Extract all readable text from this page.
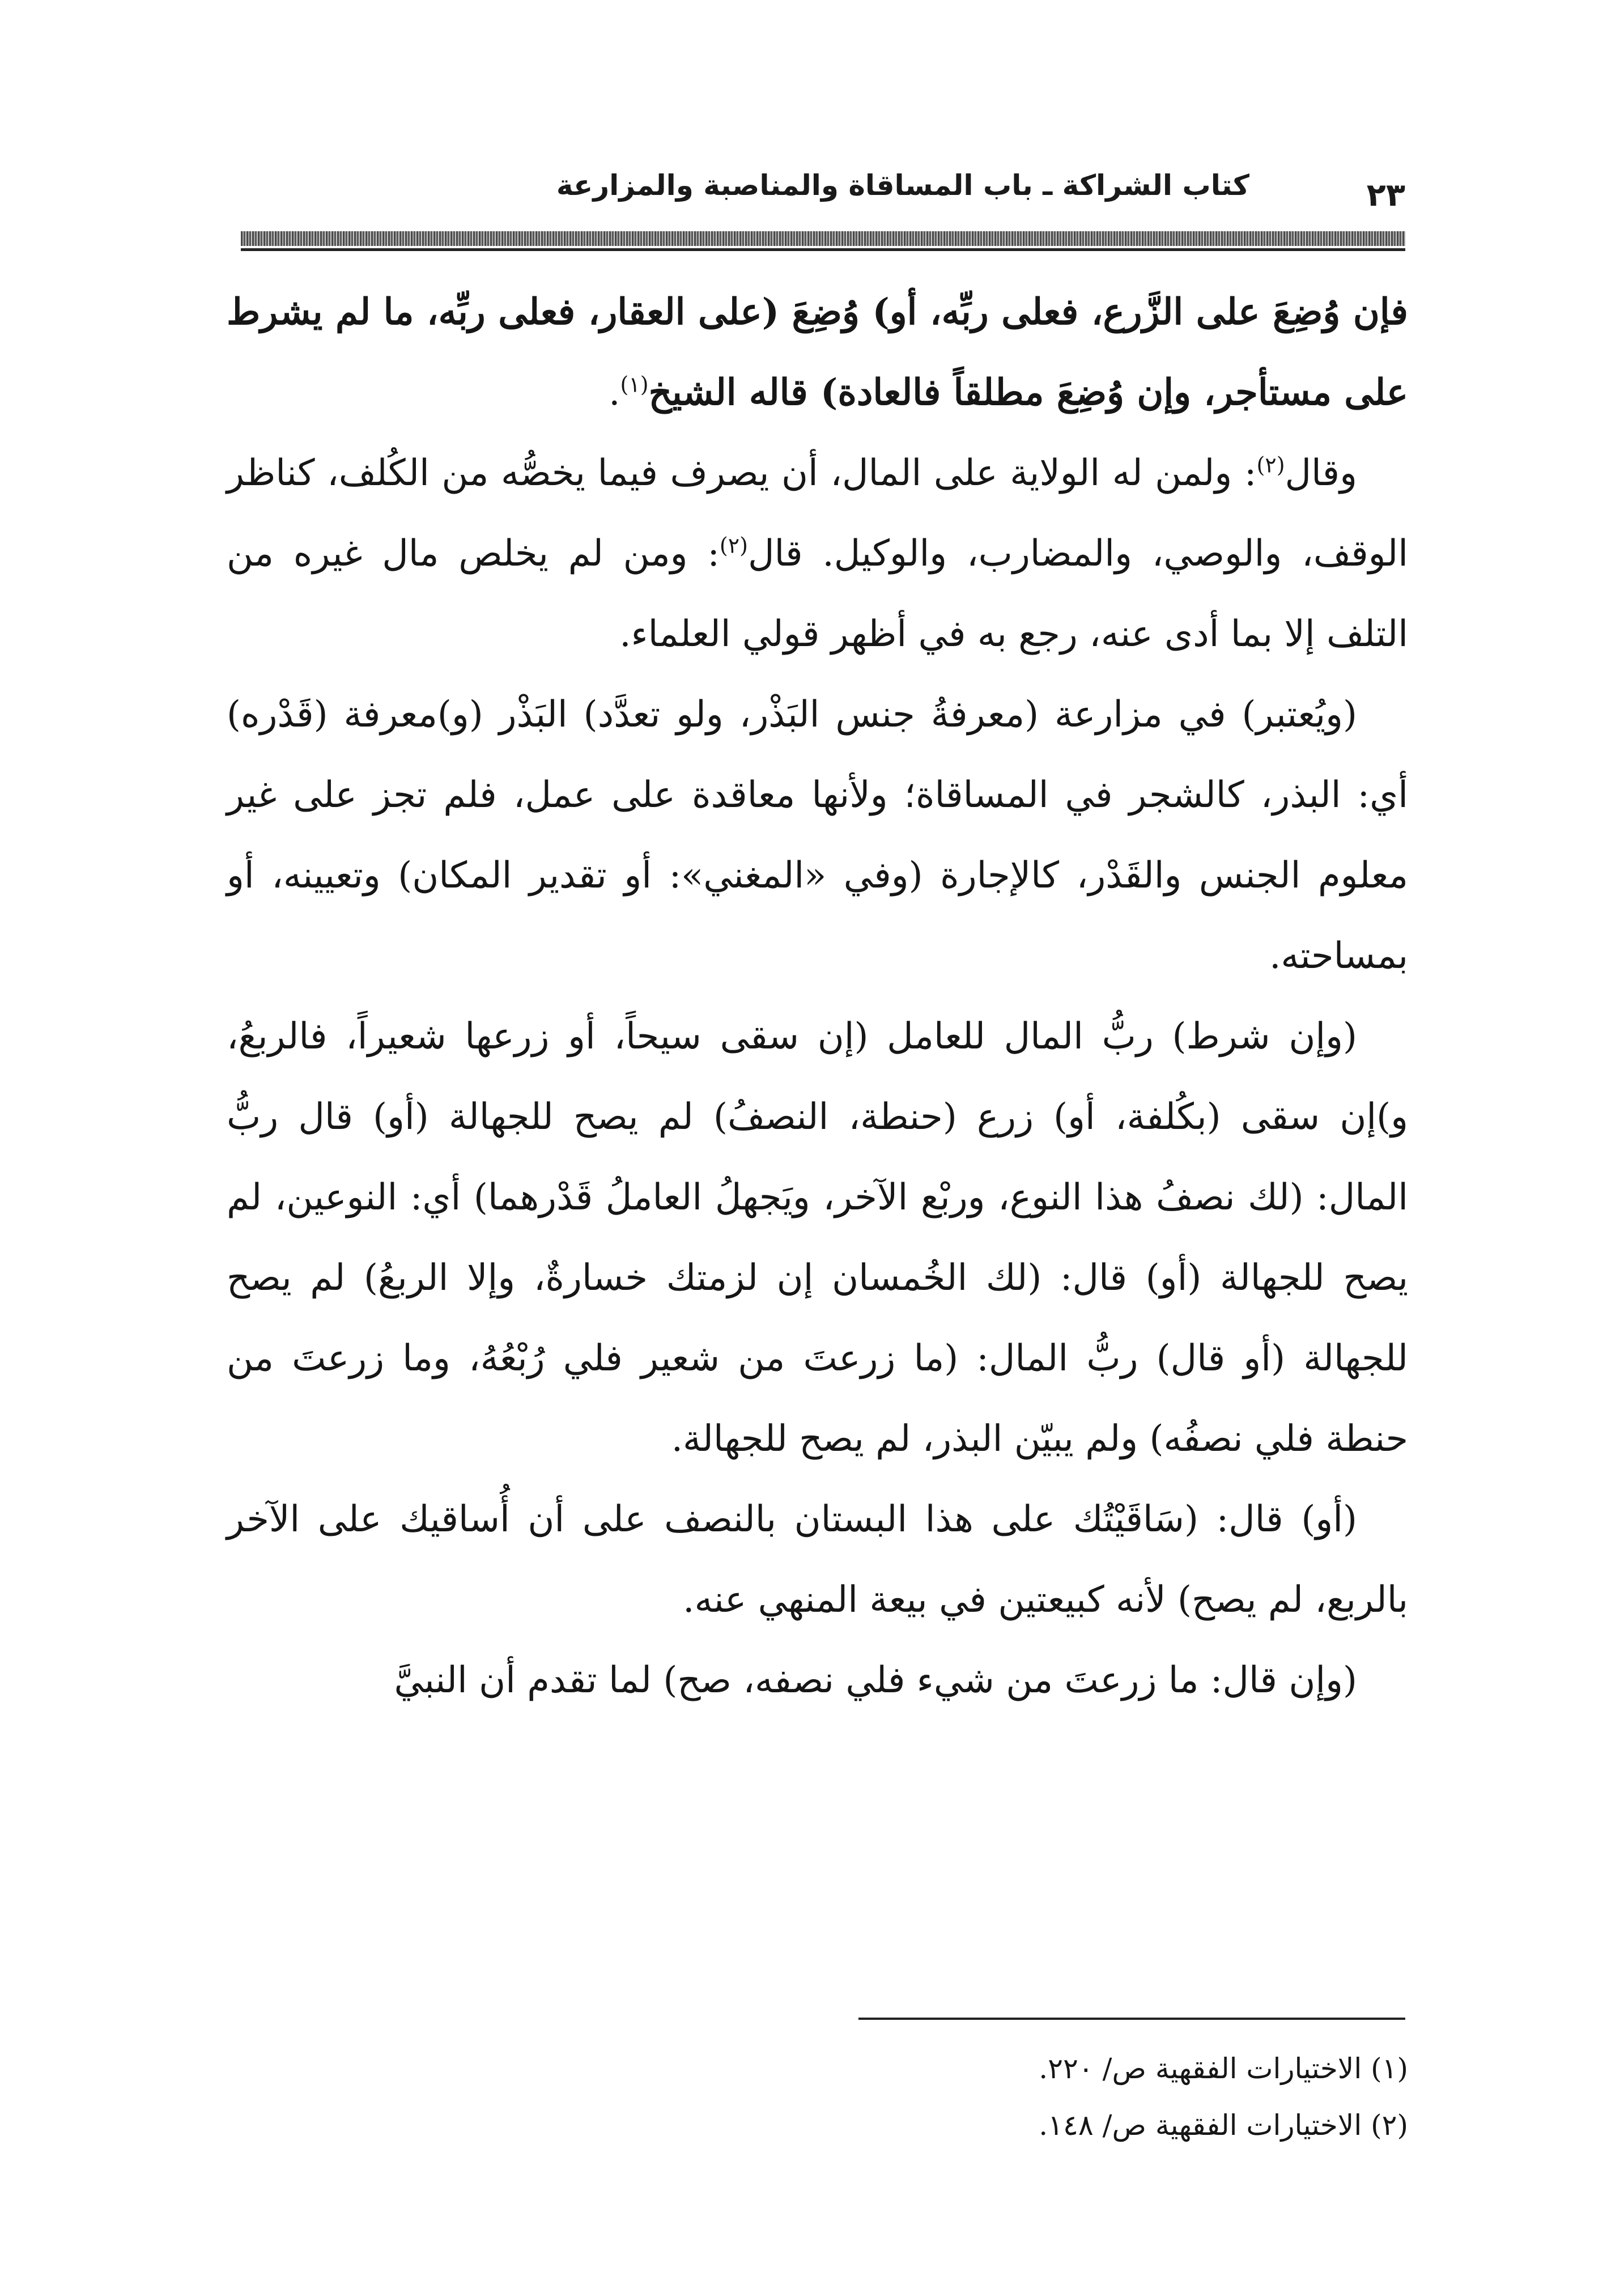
كتاب الشراكة ـ باب المساقاة والمناصبة والمزارعة	٢٣

فإن وُضِعَ على الزَّرع، فعلى ربِّه، أو) وُضِعَ (على العقار، فعلى ربِّه، ما لم يشرط على مستأجر، وإن وُضِعَ مطلقاً فالعادة) قاله الشيخ$^{(١)}$.

وقال$^{(٢)}$: ولمن له الولاية على المال، أن يصرف فيما يخصُّه من الكُلف، كناظر الوقف، والوصي، والمضارب، والوكيل. قال$^{(٢)}$: ومن لم يخلص مال غيره من التلف إلا بما أدى عنه، رجع به في أظهر قولي العلماء.

(ويُعتبر) في مزارعة (معرفةُ جنس البَذْر، ولو تعدَّد) البَذْر (و)معرفة (قَدْره) أي: البذر، كالشجر في المساقاة؛ ولأنها معاقدة على عمل، فلم تجز على غير معلوم الجنس والقَدْر، كالإجارة (وفي «المغني»: أو تقدير المكان) وتعيينه، أو بمساحته.

(وإن شرط) ربُّ المال للعامل (إن سقى سيحاً، أو زرعها شعيراً، فالربعُ، و)إن سقى (بكُلفة، أو) زرع (حنطة، النصفُ) لم يصح للجهالة (أو) قال ربُّ المال: (لك نصفُ هذا النوع، وربْع الآخر، ويَجهلُ العاملُ قَدْرهما) أي: النوعين، لم يصح للجهالة (أو) قال: (لك الخُمسان إن لزمتك خسارةٌ، وإلا الربعُ) لم يصح للجهالة (أو قال) ربُّ المال: (ما زرعتَ من شعير فلي رُبْعُهُ، وما زرعتَ من حنطة فلي نصفُه) ولم يبيّن البذر، لم يصح للجهالة.

(أو) قال: (سَاقَيْتُك على هذا البستان بالنصف على أن أُساقيك على الآخر بالربع، لم يصح) لأنه كبيعتين في بيعة المنهي عنه.

(وإن قال: ما زرعتَ من شيء فلي نصفه، صح) لما تقدم أن النبيَّ

(١) الاختيارات الفقهية ص/ ٢٢٠.

(٢) الاختيارات الفقهية ص/ ١٤٨.
